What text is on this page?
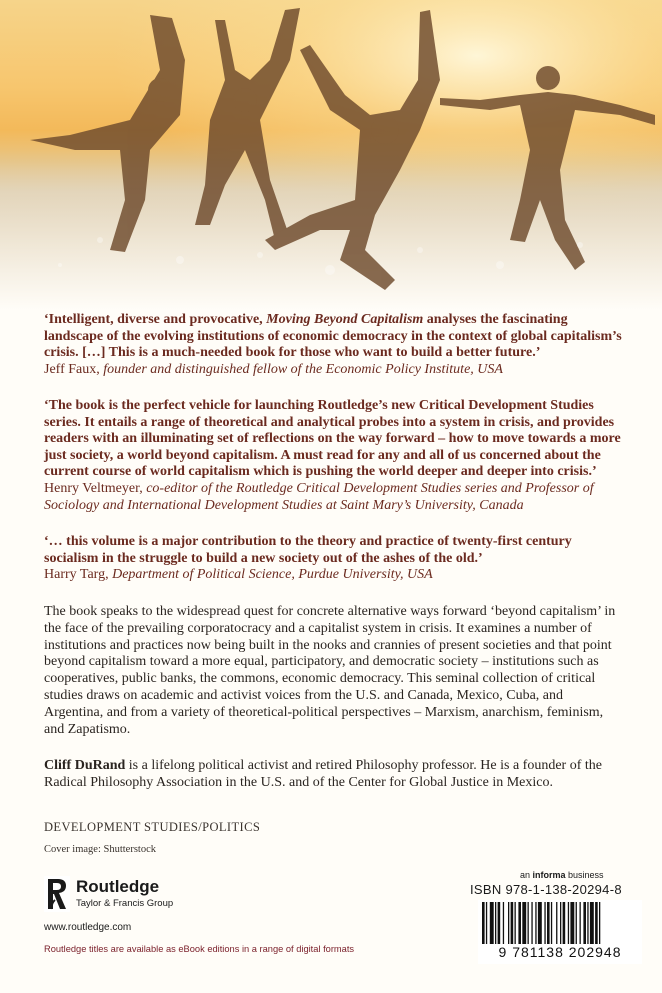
‘Intelligent, diverse and provocative, Moving Beyond Capitalism analyses the fascinating landscape of the evolving institutions of economic democracy in the context of global capitalism’s crisis. […] This is a much-needed book for those who want to build a better future.’

Jeff Faux, founder and distinguished fellow of the Economic Policy Institute, USA

‘The book is the perfect vehicle for launching Routledge’s new Critical Development Studies series. It entails a range of theoretical and analytical probes into a system in crisis, and provides readers with an illuminating set of reflections on the way forward – how to move towards a more just society, a world beyond capitalism. A must read for any and all of us concerned about the current course of world capitalism which is pushing the world deeper and deeper into crisis.’

Henry Veltmeyer, co-editor of the Routledge Critical Development Studies series and Professor of Sociology and International Development Studies at Saint Mary’s University, Canada

‘… this volume is a major contribution to the theory and practice of twenty-first century socialism in the struggle to build a new society out of the ashes of the old.’

Harry Targ, Department of Political Science, Purdue University, USA

The book speaks to the widespread quest for concrete alternative ways forward ‘beyond capitalism’ in the face of the prevailing corporatocracy and a capitalist system in crisis. It examines a number of institutions and practices now being built in the nooks and crannies of present societies and that point beyond capitalism toward a more equal, participatory, and democratic society – institutions such as cooperatives, public banks, the commons, economic democracy. This seminal collection of critical studies draws on academic and activist voices from the U.S. and Canada, Mexico, Cuba, and Argentina, and from a variety of theoretical-political perspectives – Marxism, anarchism, feminism, and Zapatismo.

Cliff DuRand is a lifelong political activist and retired Philosophy professor. He is a founder of the Radical Philosophy Association in the U.S. and of the Center for Global Justice in Mexico.

DEVELOPMENT STUDIES/POLITICS
Cover image: Shutterstock
Routledge
Taylor & Francis Group
www.routledge.com
Routledge titles are available as eBook editions in a range of digital formats
an informa business
ISBN 978-1-138-20294-8
9 781138 202948
